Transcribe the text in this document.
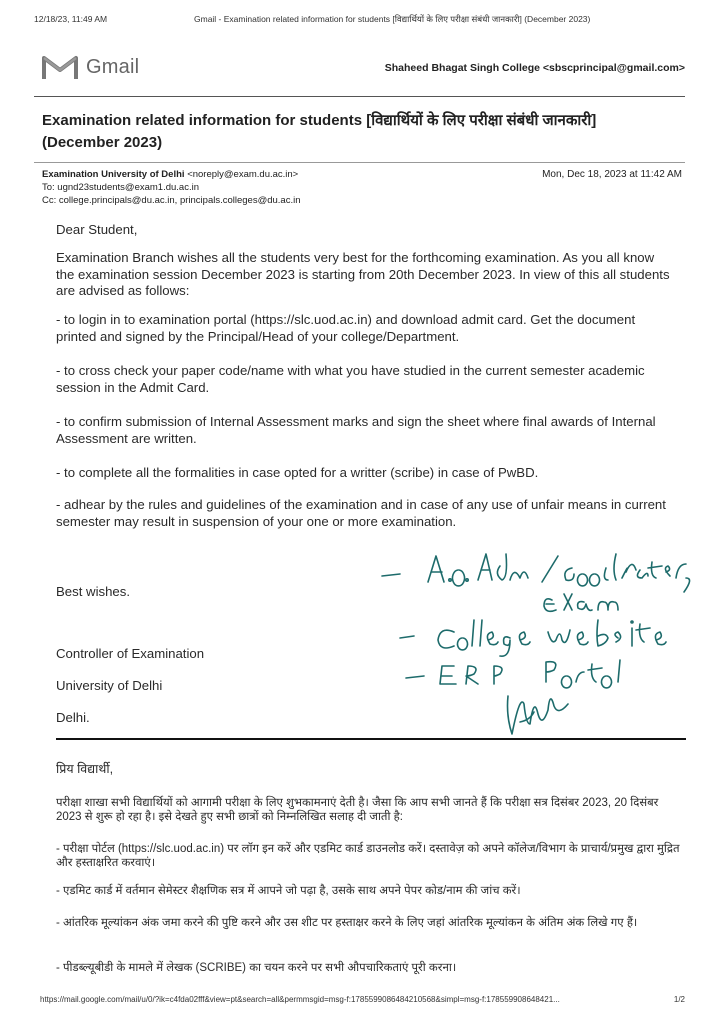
12/18/23, 11:49 AM	Gmail - Examination related information for students [विद्यार्थियों के लिए परीक्षा संबंधी जानकारी] (December 2023)
Gmail	Shaheed Bhagat Singh College <sbscprincipal@gmail.com>
Examination related information for students [विद्यार्थियों के लिए परीक्षा संबंधी जानकारी] (December 2023)
Examination University of Delhi <noreply@exam.du.ac.in>
To: ugnd23students@exam1.du.ac.in
Cc: college.principals@du.ac.in, principals.colleges@du.ac.in
Mon, Dec 18, 2023 at 11:42 AM

Dear Student,

Examination Branch wishes all the students very best for the forthcoming examination. As you all know the examination session December 2023 is starting from 20th December 2023. In view of this all students are advised as follows:

- to login in to examination portal (https://slc.uod.ac.in) and download admit card. Get the document printed and signed by the Principal/Head of your college/Department.

- to cross check your paper code/name with what you have studied in the current semester academic session in the Admit Card.

- to confirm submission of Internal Assessment marks and sign the sheet where final awards of Internal Assessment are written.

- to complete all the formalities in case opted for a writter (scribe) in case of PwBD.

- adhear by the rules and guidelines of the examination and in case of any use of unfair means in current semester may result in suspension of your one or more examination.

Best wishes.

Controller of Examination

University of Delhi

Delhi.

प्रिय विद्यार्थी,

परीक्षा शाखा सभी विद्यार्थियों को आगामी परीक्षा के लिए शुभकामनाएं देती है। जैसा कि आप सभी जानते हैं कि परीक्षा सत्र दिसंबर 2023, 20 दिसंबर 2023 से शुरू हो रहा है। इसे देखते हुए सभी छात्रों को निम्नलिखित सलाह दी जाती है:

- परीक्षा पोर्टल (https://slc.uod.ac.in) पर लॉग इन करें और एडमिट कार्ड डाउनलोड करें। दस्तावेज़ को अपने कॉलेज/विभाग के प्राचार्य/प्रमुख द्वारा मुद्रित और हस्ताक्षरित करवाएं।

- एडमिट कार्ड में वर्तमान सेमेस्टर शैक्षणिक सत्र में आपने जो पढ़ा है, उसके साथ अपने पेपर कोड/नाम की जांच करें।

- आंतरिक मूल्यांकन अंक जमा करने की पुष्टि करने और उस शीट पर हस्ताक्षर करने के लिए जहां आंतरिक मूल्यांकन के अंतिम अंक लिखे गए हैं।

- पीडब्ल्यूबीडी के मामले में लेखक (SCRIBE) का चयन करने पर सभी औपचारिकताएं पूरी करना।

https://mail.google.com/mail/u/0/?ik=c4fda02fff&view=pt&search=all&permmsgid=msg-f:1785599086484210568&simpl=msg-f:178559908648421...	1/2
